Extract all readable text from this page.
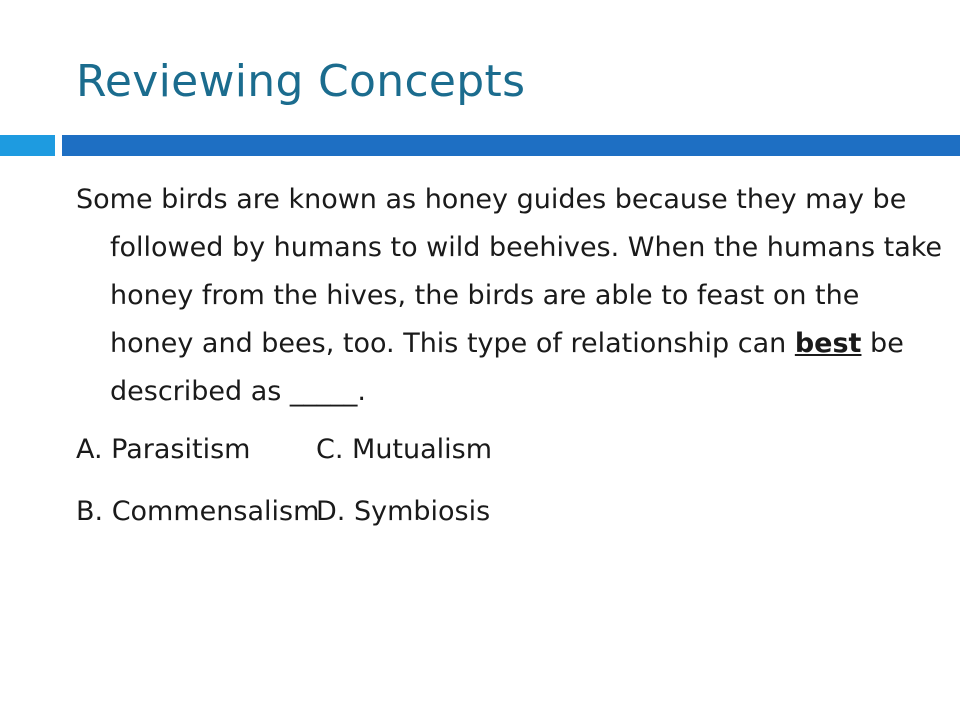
Reviewing Concepts

Some birds are known as honey guides because they may be followed by humans to wild beehives. When the humans take honey from the hives, the birds are able to feast on the honey and bees, too. This type of relationship can best be described as _____.

A. Parasitism	C. Mutualism
B. Commensalism
D. Symbiosis
